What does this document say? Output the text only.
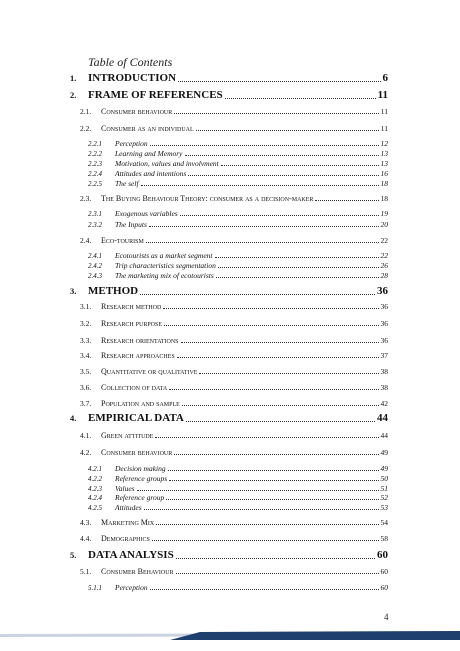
Table of Contents
1.	INTRODUCTION	6
2.	FRAME OF REFERENCES	11
2.1.	Consumer behaviour	11
2.2.	Consumer as an individual	11
2.2.1	Perception	12
2.2.2	Learning and Memory	13
2.2.3	Motivation, values and involvment	13
2.2.4	Attitudes and intentions	16
2.2.5	The self	18
2.3.	The Buying Behaviour Theory: consumer as a decision-maker	18
2.3.1	Exogenous variables	19
2.3.2	The Inputs	20
2.4.	Eco-tourism	22
2.4.1	Ecotourists as a market segment	22
2.4.2	Trip characteristics segmentation	26
2.4.3	The marketing mix of ecotourists	28
3.	METHOD	36
3.1.	Research method	36
3.2.	Research purpose	36
3.3.	Research orientations	36
3.4.	Research approaches	37
3.5.	Quantitative or qualitative	38
3.6.	Collection of data	38
3.7.	Population and sample	42
4.	EMPIRICAL DATA	44
4.1.	Green attitude	44
4.2.	Consumer behaviour	49
4.2.1	Decision making	49
4.2.2	Reference groups	50
4.2.3	Values	51
4.2.4	Reference group	52
4.2.5	Attitudes	53
4.3.	Marketing Mix	54
4.4.	Demographics	58
5.	DATA ANALYSIS	60
5.1.	Consumer Behaviour	60
5.1.1	Perception	60
4
